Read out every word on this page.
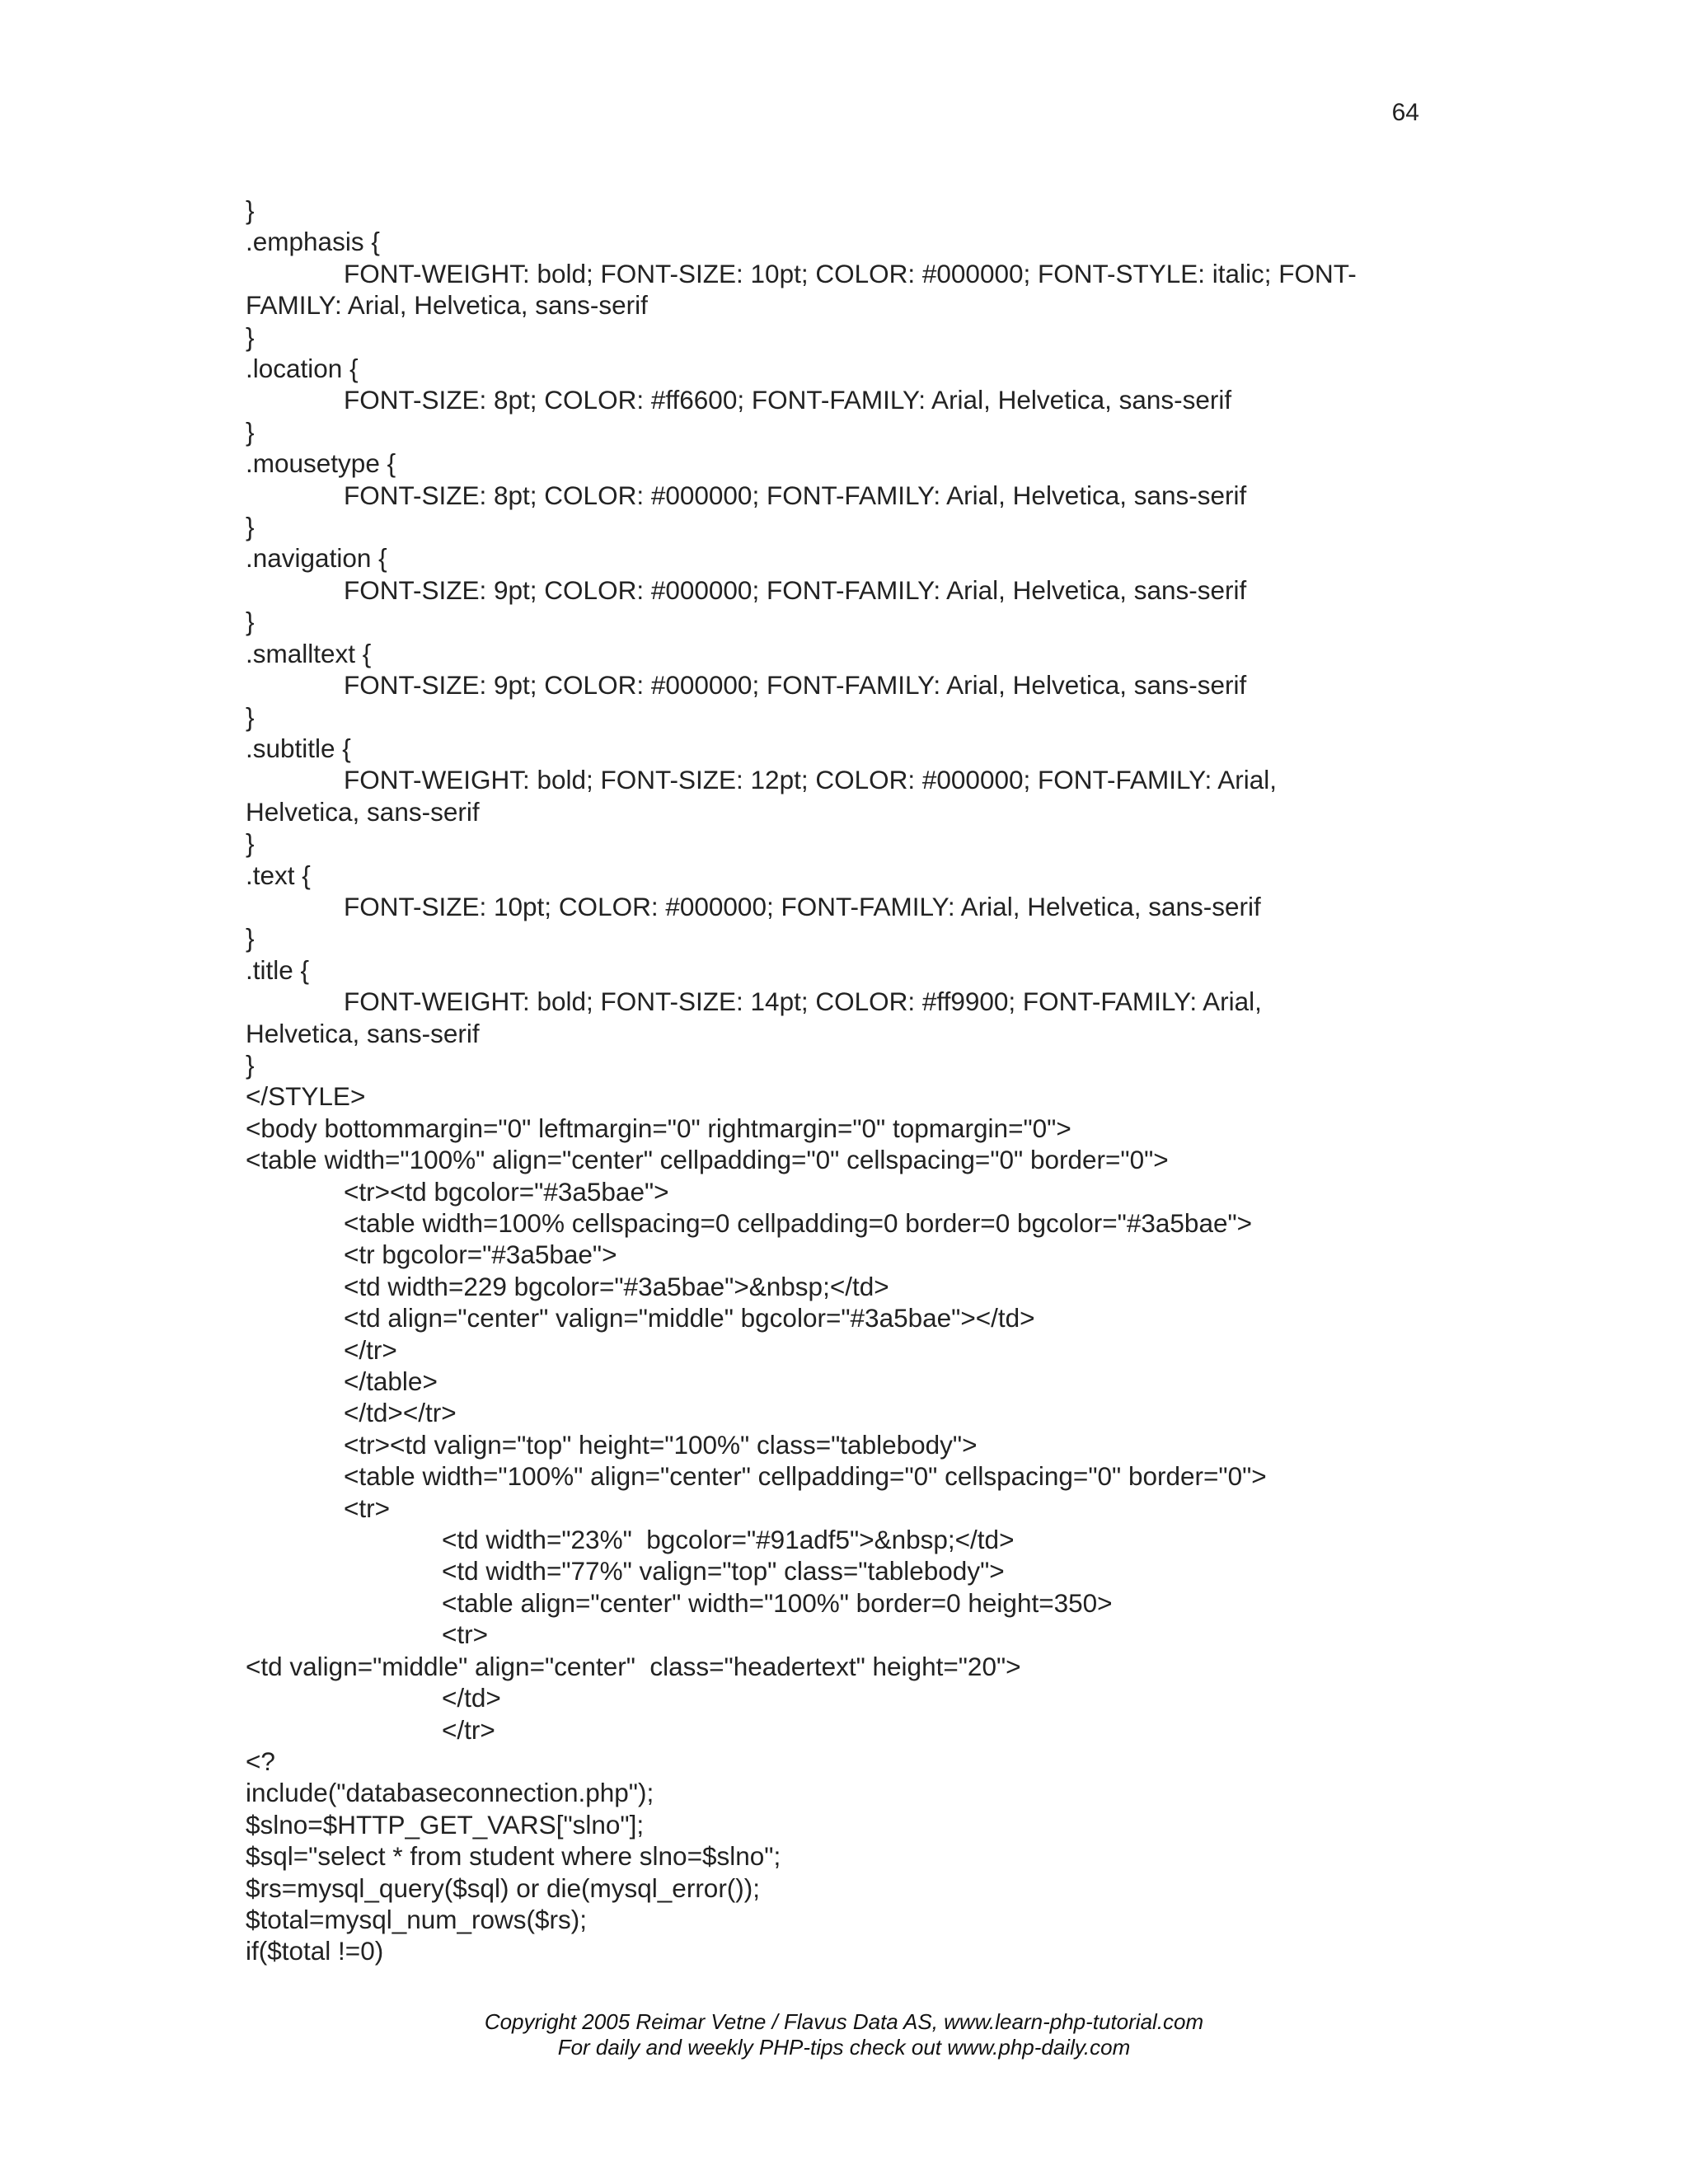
64
}
.emphasis {
FONT-WEIGHT: bold; FONT-SIZE: 10pt; COLOR: #000000; FONT-STYLE: italic; FONT-
FAMILY: Arial, Helvetica, sans-serif
}
.location {
FONT-SIZE: 8pt; COLOR: #ff6600; FONT-FAMILY: Arial, Helvetica, sans-serif
}
.mousetype {
FONT-SIZE: 8pt; COLOR: #000000; FONT-FAMILY: Arial, Helvetica, sans-serif
}
.navigation {
FONT-SIZE: 9pt; COLOR: #000000; FONT-FAMILY: Arial, Helvetica, sans-serif
}
.smalltext {
FONT-SIZE: 9pt; COLOR: #000000; FONT-FAMILY: Arial, Helvetica, sans-serif
}
.subtitle {
FONT-WEIGHT: bold; FONT-SIZE: 12pt; COLOR: #000000; FONT-FAMILY: Arial,
Helvetica, sans-serif
}
.text {
FONT-SIZE: 10pt; COLOR: #000000; FONT-FAMILY: Arial, Helvetica, sans-serif
}
.title {
FONT-WEIGHT: bold; FONT-SIZE: 14pt; COLOR: #ff9900; FONT-FAMILY: Arial,
Helvetica, sans-serif
}
</STYLE>
<body bottommargin="0" leftmargin="0" rightmargin="0" topmargin="0">
<table width="100%" align="center" cellpadding="0" cellspacing="0" border="0">
<tr><td bgcolor="#3a5bae">
<table width=100% cellspacing=0 cellpadding=0 border=0 bgcolor="#3a5bae">
<tr bgcolor="#3a5bae">
<td width=229 bgcolor="#3a5bae">&nbsp;</td>
<td align="center" valign="middle" bgcolor="#3a5bae"></td>
</tr>
</table>
</td></tr>
<tr><td valign="top" height="100%" class="tablebody">
<table width="100%" align="center" cellpadding="0" cellspacing="0" border="0">
<tr>
<td width="23%"  bgcolor="#91adf5">&nbsp;</td>
<td width="77%" valign="top" class="tablebody">
<table align="center" width="100%" border=0 height=350>
<tr>
<td valign="middle" align="center"  class="headertext" height="20">
</td>
</tr>
<?
include("databaseconnection.php");
$slno=$HTTP_GET_VARS["slno"];
$sql="select * from student where slno=$slno";
$rs=mysql_query($sql) or die(mysql_error());
$total=mysql_num_rows($rs);
if($total !=0)
Copyright 2005 Reimar Vetne / Flavus Data AS, www.learn-php-tutorial.com
For daily and weekly PHP-tips check out www.php-daily.com
